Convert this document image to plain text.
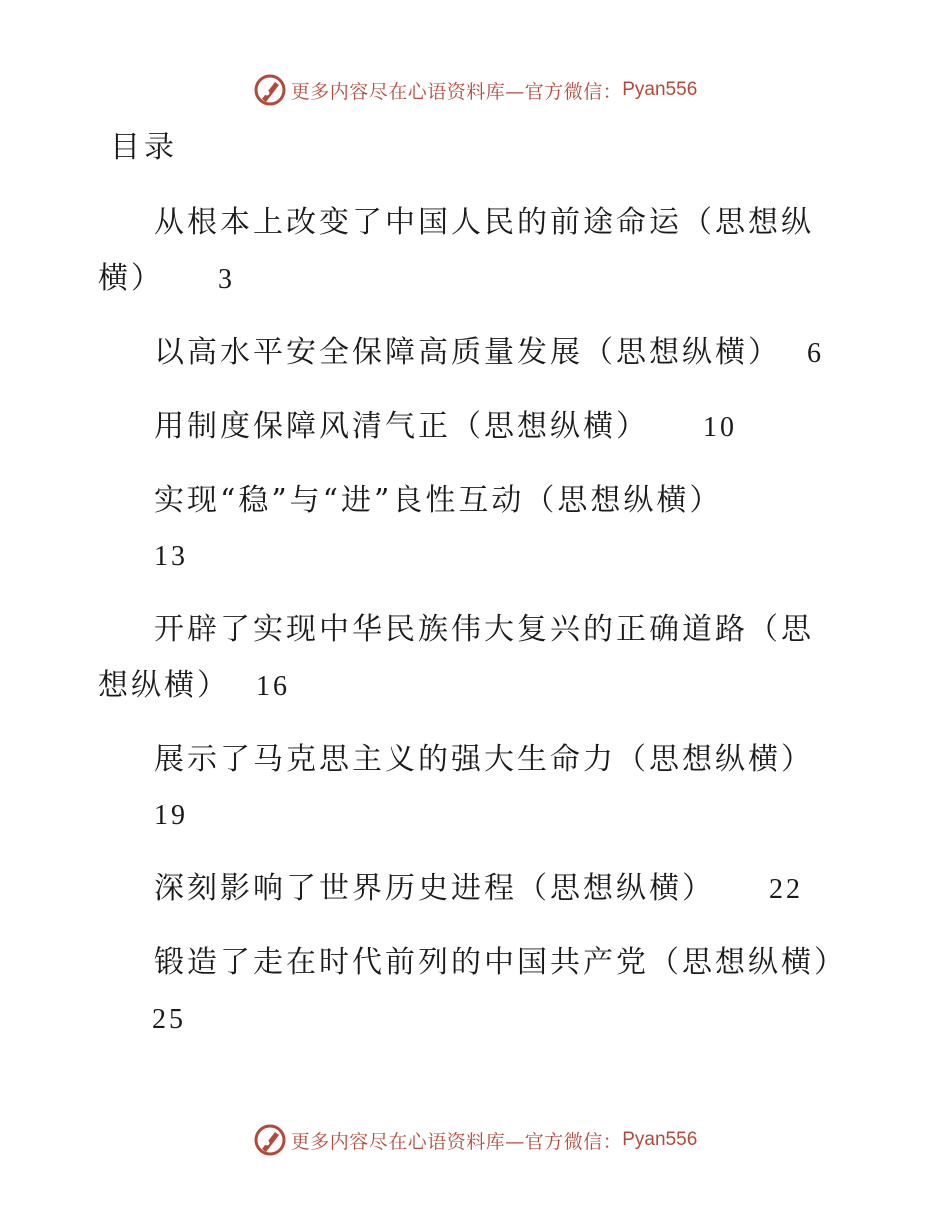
更多内容尽在心语资料库—官方微信： Pyan556
目录
从根本上改变了中国人民的前途命运（思想纵横） 3
以高水平安全保障高质量发展（思想纵横） 6
用制度保障风清气正（思想纵横） 10
实现“稳”与“进”良性互动（思想纵横）
13
开辟了实现中华民族伟大复兴的正确道路（思想纵横） 16
展示了马克思主义的强大生命力（思想纵横）
19
深刻影响了世界历史进程（思想纵横） 22
锻造了走在时代前列的中国共产党（思想纵横）25
更多内容尽在心语资料库—官方微信： Pyan556
